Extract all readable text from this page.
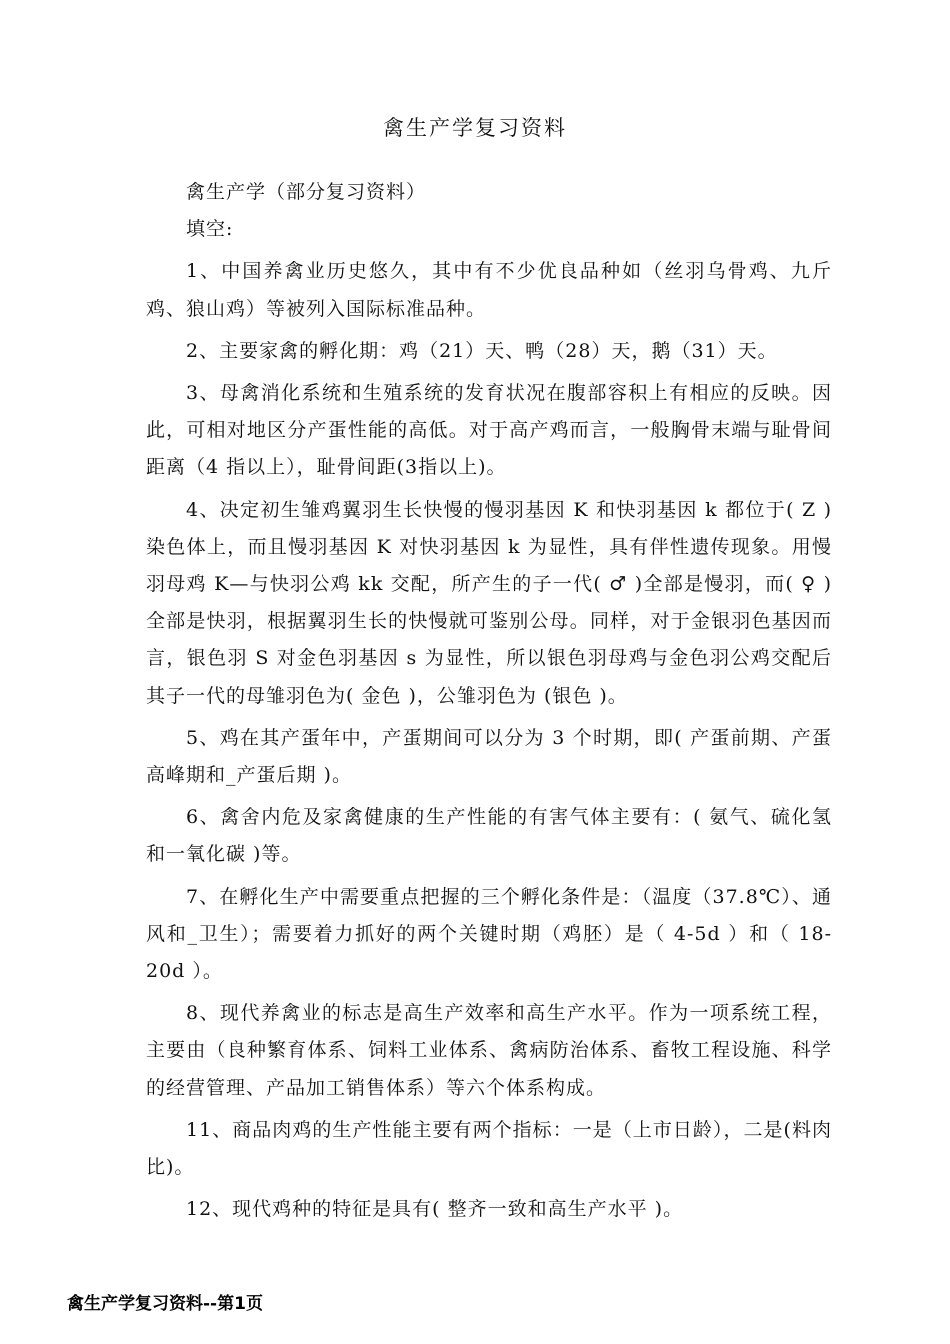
禽生产学复习资料

禽生产学（部分复习资料）

填空:

1、中国养禽业历史悠久，其中有不少优良品种如（丝羽乌骨鸡、九斤鸡、狼山鸡）等被列入国际标准品种。

2、主要家禽的孵化期：鸡（21）天、鸭（28）天，鹅（31）天。

3、母禽消化系统和生殖系统的发育状况在腹部容积上有相应的反映。因此，可相对地区分产蛋性能的高低。对于高产鸡而言，一般胸骨末端与耻骨间距离（4 指以上），耻骨间距(3指以上)。

4、决定初生雏鸡翼羽生长快慢的慢羽基因 K 和快羽基因 k 都位于( Z )染色体上，而且慢羽基因 K 对快羽基因 k 为显性，具有伴性遗传现象。用慢羽母鸡 K—与快羽公鸡 kk 交配，所产生的子一代( ♂ )全部是慢羽，而( ♀ )全部是快羽，根据翼羽生长的快慢就可鉴别公母。同样，对于金银羽色基因而言，银色羽 S 对金色羽基因 s 为显性，所以银色羽母鸡与金色羽公鸡交配后其子一代的母雏羽色为( 金色 )，公雏羽色为 (银色 )。

5、鸡在其产蛋年中，产蛋期间可以分为 3 个时期，即( 产蛋前期、产蛋高峰期和_产蛋后期 )。

6、禽舍内危及家禽健康的生产性能的有害气体主要有：( 氨气、硫化氢和一氧化碳 )等。

7、在孵化生产中需要重点把握的三个孵化条件是：（温度（37.8℃）、通风和_卫生）；需要着力抓好的两个关键时期（鸡胚）是（ 4-5d ）和（ 18-20d ）。

8、现代养禽业的标志是高生产效率和高生产水平。作为一项系统工程，主要由（良种繁育体系、饲料工业体系、禽病防治体系、畜牧工程设施、科学的经营管理、产品加工销售体系）等六个体系构成。

11、商品肉鸡的生产性能主要有两个指标：一是（上市日龄），二是(料肉比)。

12、现代鸡种的特征是具有( 整齐一致和高生产水平 )。

禽生产学复习资料--第1页
